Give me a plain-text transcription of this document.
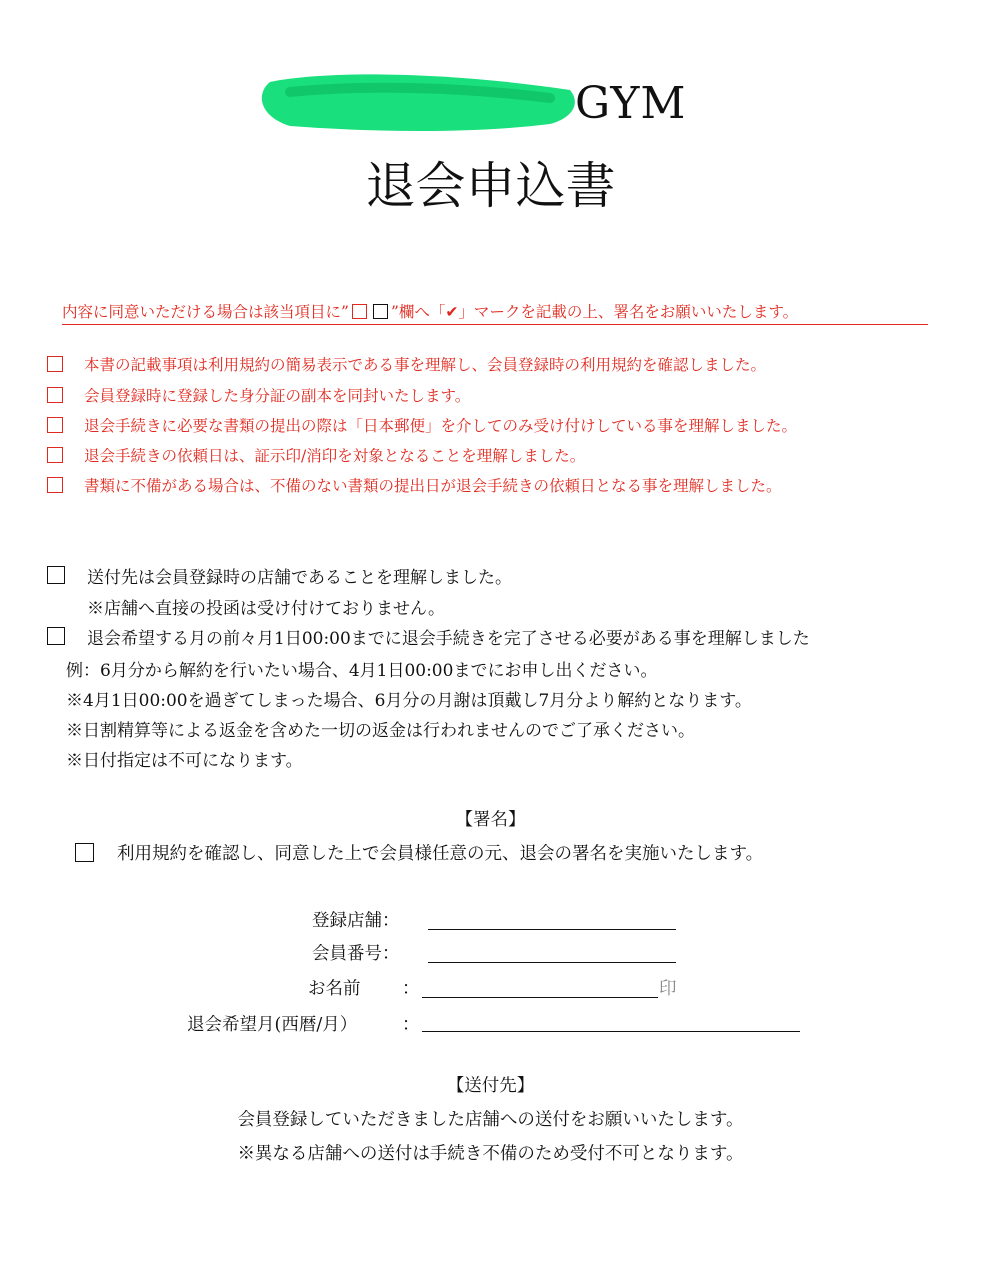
GYM
退会申込書
内容に同意いただける場合は該当項目に”	”欄へ「✔」マークを記載の上、署名をお願いいたします。
本書の記載事項は利用規約の簡易表示である事を理解し、会員登録時の利用規約を確認しました。
会員登録時に登録した身分証の副本を同封いたします。
退会手続きに必要な書類の提出の際は「日本郵便」を介してのみ受け付けしている事を理解しました。
退会手続きの依頼日は、証示印/消印を対象となることを理解しました。
書類に不備がある場合は、不備のない書類の提出日が退会手続きの依頼日となる事を理解しました。
送付先は会員登録時の店舗であることを理解しました。
※店舗へ直接の投函は受け付けておりません。
退会希望する月の前々月1日00:00までに退会手続きを完了させる必要がある事を理解しました
例：6月分から解約を行いたい場合、4月1日00:00までにお申し出ください。
※4月1日00:00を過ぎてしまった場合、6月分の月謝は頂戴し7月分より解約となります。
※日割精算等による返金を含めた一切の返金は行われませんのでご了承ください。
※日付指定は不可になります。
【署名】
利用規約を確認し、同意した上で会員様任意の元、退会の署名を実施いたします。
登録店舗：
会員番号：
お名前 ：	印
退会希望月(西暦/月）	：
【送付先】
会員登録していただきました店舗への送付をお願いいたします。
※異なる店舗への送付は手続き不備のため受付不可となります。
